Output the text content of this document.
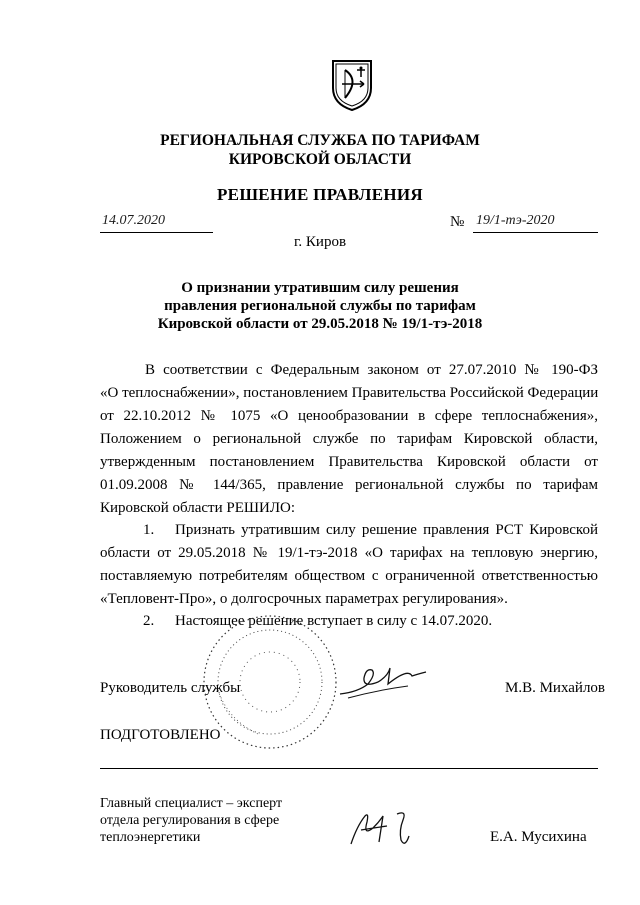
РЕГИОНАЛЬНАЯ СЛУЖБА ПО ТАРИФАМ
КИРОВСКОЙ ОБЛАСТИ
РЕШЕНИЕ ПРАВЛЕНИЯ
14.07.2020	№ 19/1-тэ-2020
г. Киров
О признании утратившим силу решения
правления региональной службы по тарифам
Кировской области от 29.05.2018 № 19/1-тэ-2018
В соответствии с Федеральным законом от 27.07.2010 № 190-ФЗ
«О теплоснабжении», постановлением Правительства Российской Федерации
от 22.10.2012 № 1075 «О ценообразовании в сфере теплоснабжения»,
Положением о региональной службе по тарифам Кировской области,
утвержденным постановлением Правительства Кировской области от
01.09.2008 № 144/365, правление региональной службы по тарифам
Кировской области РЕШИЛО:
1. Признать утратившим силу решение правления РСТ Кировской
области от 29.05.2018 № 19/1-тэ-2018 «О тарифах на тепловую энергию,
поставляемую потребителям обществом с ограниченной ответственностью
«Тепловент-Про», о долгосрочных параметрах регулирования».
2. Настоящее решение вступает в силу с 14.07.2020.
Руководитель службы	М.В. Михайлов
ПОДГОТОВЛЕНО
Главный специалист – эксперт
отдела регулирования в сфере
теплоэнергетики	Е.А. Мусихина
